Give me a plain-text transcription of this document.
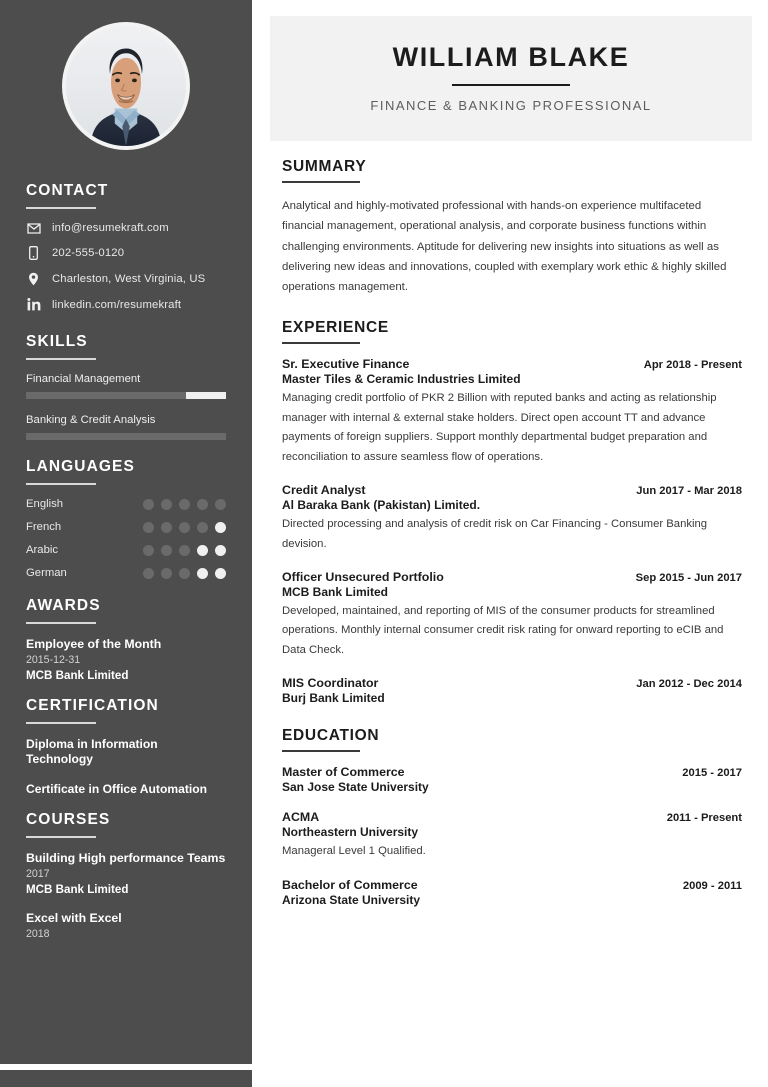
CONTACT
info@resumekraft.com
202-555-0120
Charleston, West Virginia, US
linkedin.com/resumekraft
SKILLS
Financial Management
Banking & Credit Analysis
LANGUAGES
English
French
Arabic
German
AWARDS
Employee of the Month
2015-12-31
MCB Bank Limited
CERTIFICATION
Diploma in Information Technology
Certificate in Office Automation
COURSES
Building High performance Teams
2017
MCB Bank Limited
Excel with Excel
2018
WILLIAM BLAKE
FINANCE & BANKING PROFESSIONAL
SUMMARY

Analytical and highly-motivated professional with hands-on experience multifaceted financial management, operational analysis, and corporate business functions within challenging environments. Aptitude for delivering new insights into situations as well as delivering new ideas and innovations, coupled with exemplary work ethic & highly skilled operations management.

EXPERIENCE
Sr. Executive Finance	Apr 2018 - Present
Master Tiles & Ceramic Industries Limited
Managing credit portfolio of PKR 2 Billion with reputed banks and acting as relationship manager with internal & external stake holders. Direct open account TT and advance payments of foreign suppliers. Support monthly departmental budget preparation and reconciliation to assure seamless flow of operations.
Credit Analyst	Jun 2017 - Mar 2018
Al Baraka Bank (Pakistan) Limited.
Directed processing and analysis of credit risk on Car Financing - Consumer Banking devision.
Officer Unsecured Portfolio	Sep 2015 - Jun 2017
MCB Bank Limited
Developed, maintained, and reporting of MIS of the consumer products for streamlined operations. Monthly internal consumer credit risk rating for onward reporting to eCIB and Data Check.
MIS Coordinator	Jan 2012 - Dec 2014
Burj Bank Limited
EDUCATION
Master of Commerce	2015 - 2017
San Jose State University
ACMA	2011 - Present
Northeastern University
Manageral Level 1 Qualified.
Bachelor of Commerce	2009 - 2011
Arizona State University
